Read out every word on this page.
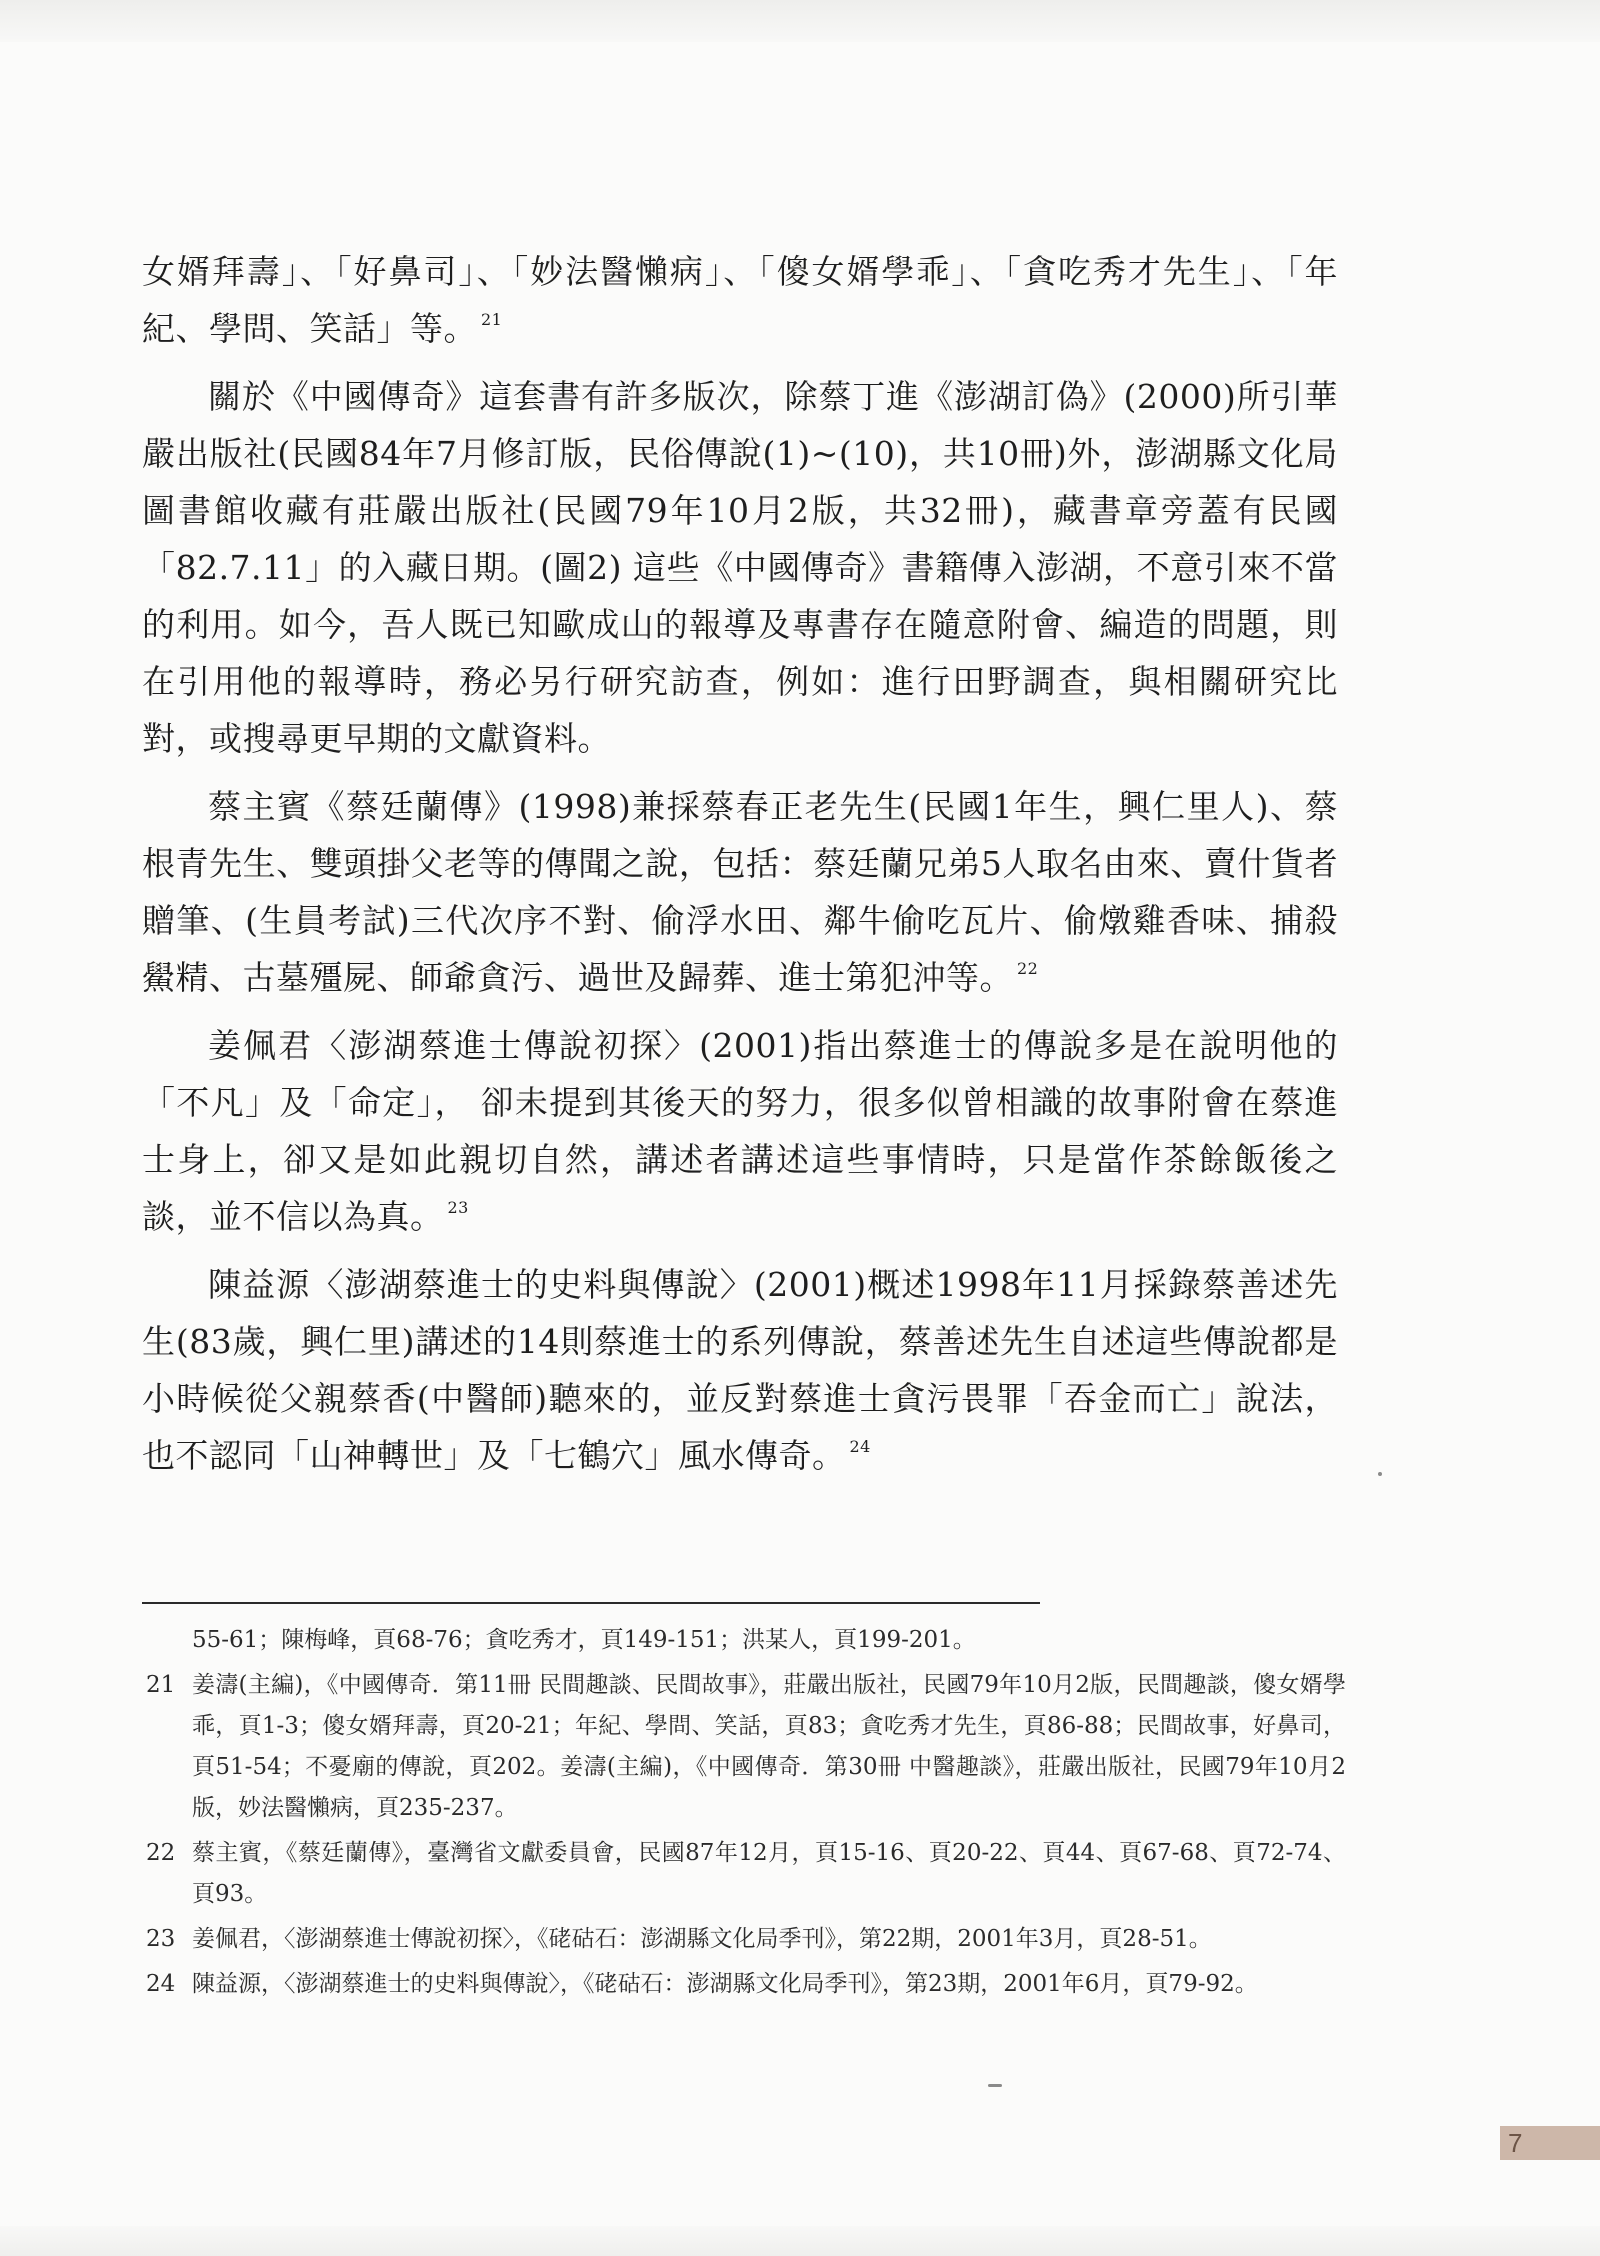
女婿拜壽」、「好鼻司」、「妙法醫懶病」、「傻女婿學乖」、「貪吃秀才先生」、「年紀、學問、笑話」等。 $^{21}$

關於《中國傳奇》這套書有許多版次，除蔡丁進《澎湖訂偽》(2000)所引華嚴出版社(民國84年7月修訂版，民俗傳說(1)~(10)，共10冊)外，澎湖縣文化局圖書館收藏有莊嚴出版社(民國79年10月2版，共32冊)，藏書章旁蓋有民國「82.7.11」的入藏日期。(圖2) 這些《中國傳奇》書籍傳入澎湖，不意引來不當的利用。如今，吾人既已知歐成山的報導及專書存在隨意附會、編造的問題，則在引用他的報導時，務必另行研究訪查，例如：進行田野調查，與相關研究比對，或搜尋更早期的文獻資料。

蔡主賓《蔡廷蘭傳》(1998)兼採蔡春正老先生(民國1年生，興仁里人)、蔡根青先生、雙頭掛父老等的傳聞之說，包括：蔡廷蘭兄弟5人取名由來、賣什貨者贈筆、(生員考試)三代次序不對、偷浮水田、鄰牛偷吃瓦片、偷燉雞香味、捕殺鱟精、古墓殭屍、師爺貪污、過世及歸葬、進士第犯沖等。 $^{22}$

姜佩君〈澎湖蔡進士傳說初探〉(2001)指出蔡進士的傳說多是在說明他的「不凡」及「命定」， 卻未提到其後天的努力，很多似曾相識的故事附會在蔡進士身上，卻又是如此親切自然，講述者講述這些事情時，只是當作茶餘飯後之談，並不信以為真。 $^{23}$

陳益源〈澎湖蔡進士的史料與傳說〉(2001)概述1998年11月採錄蔡善述先生(83歲，興仁里)講述的14則蔡進士的系列傳說，蔡善述先生自述這些傳說都是小時候從父親蔡香(中醫師)聽來的，並反對蔡進士貪污畏罪「吞金而亡」說法，也不認同「山神轉世」及「七鶴穴」風水傳奇。 $^{24}$

55-61；陳梅峰，頁68-76；貪吃秀才，頁149-151；洪某人，頁199-201。
21 姜濤(主編)，《中國傳奇．第11冊 民間趣談、民間故事》，莊嚴出版社，民國79年10月2版，民間趣談，傻女婿學乖，頁1-3；傻女婿拜壽，頁20-21；年紀、學問、笑話，頁83；貪吃秀才先生，頁86-88；民間故事，好鼻司，頁51-54；不憂廟的傳說，頁202。姜濤(主編)，《中國傳奇．第30冊 中醫趣談》，莊嚴出版社，民國79年10月2版，妙法醫懶病，頁235-237。
22 蔡主賓，《蔡廷蘭傳》，臺灣省文獻委員會，民國87年12月，頁15-16、頁20-22、頁44、頁67-68、頁72-74、頁93。
23 姜佩君，〈澎湖蔡進士傳說初探〉，《硓𥑮石：澎湖縣文化局季刊》，第22期，2001年3月，頁28-51。
24 陳益源，〈澎湖蔡進士的史料與傳說〉，《硓𥑮石：澎湖縣文化局季刊》，第23期，2001年6月，頁79-92。
7
